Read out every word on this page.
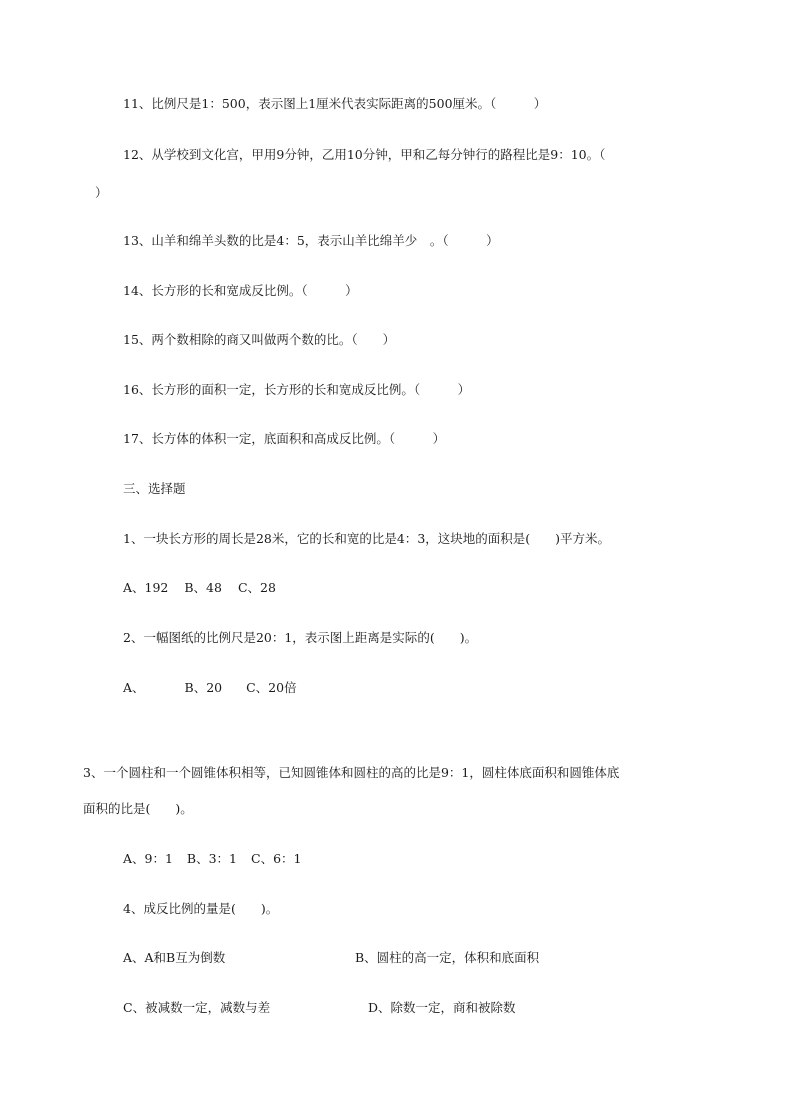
11、比例尺是1：500，表示图上1厘米代表实际距离的500厘米。（　　　）
12、从学校到文化宫，甲用9分钟，乙用10分钟，甲和乙每分钟行的路程比是9：10。（
）
13、山羊和绵羊头数的比是4：5，表示山羊比绵羊少　。（　　　）
14、长方形的长和宽成反比例。（　　　）
15、两个数相除的商又叫做两个数的比。（　　）
16、长方形的面积一定，长方形的长和宽成反比例。（　　　）
17、长方体的体积一定，底面积和高成反比例。（　　　）
三、选择题
1、一块长方形的周长是28米，它的长和宽的比是4：3，这块地的面积是(　　)平方米。
A、192 B、48 C、28
2、一幅图纸的比例尺是20：1，表示图上距离是实际的(　　)。
A、	B、20 C、20倍
3、一个圆柱和一个圆锥体积相等，已知圆锥体和圆柱的高的比是9：1，圆柱体底面积和圆锥体底
面积的比是(　　)。
A、9：1 B、3：1 C、6：1
4、成反比例的量是(　　)。
A、A和B互为倒数	B、圆柱的高一定，体积和底面积
C、被减数一定，减数与差	D、除数一定，商和被除数
